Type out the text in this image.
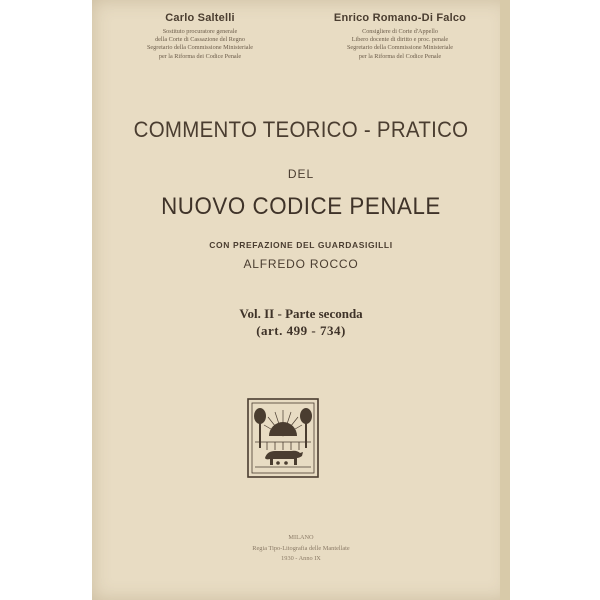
Carlo Saltelli
Sostituto procuratore generale
della Corte di Cassazione del Regno
Segretario della Commissione Ministeriale
per la Riforma dei Codice Penale
Enrico Romano-Di Falco
Consigliere di Corte d'Appello
Libero docente di diritto e proc. penale
Segretario della Commissione Ministeriale
per la Riforma del Codice Penale
COMMENTO TEORICO - PRATICO
DEL
NUOVO CODICE PENALE
CON PREFAZIONE DEL GUARDASIGILLI
ALFREDO ROCCO
Vol. II - Parte seconda
(art. 499 - 734)
MILANO
Regia Tipo-Litografia delle Mantellate
1930 - Anno IX
